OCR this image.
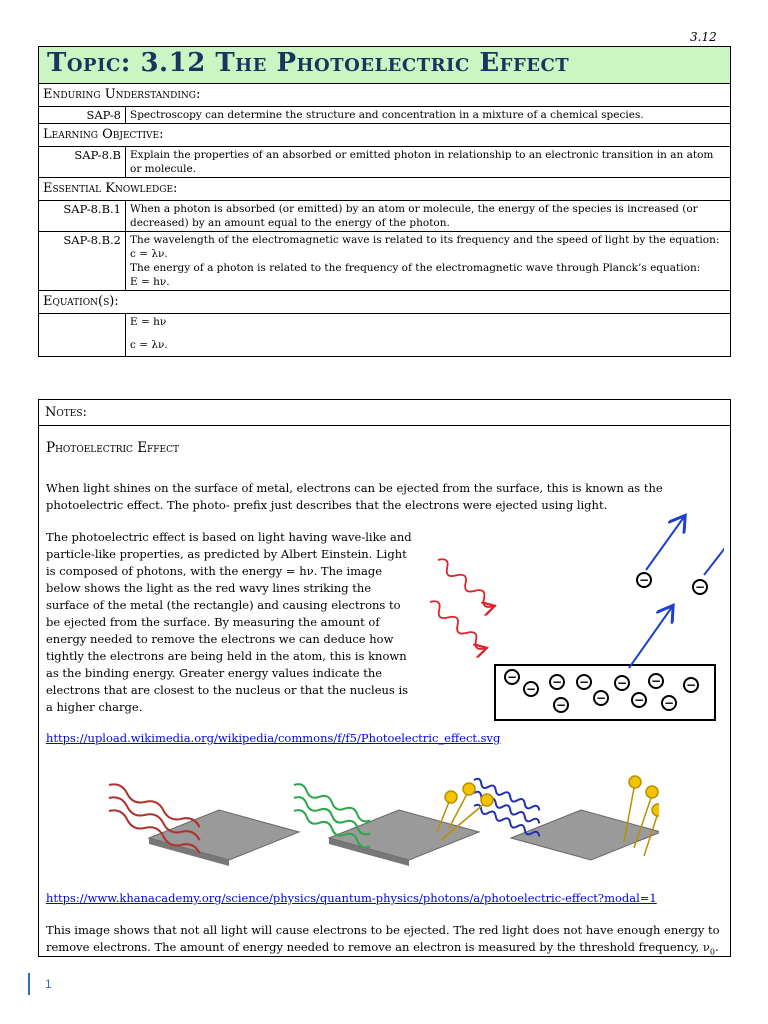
3.12
Topic: 3.12 The Photoelectric Effect	
Enduring Understanding:	
SAP-8	Spectroscopy can determine the structure and concentration in a mixture of a chemical species.
Learning Objective:	
SAP-8.B	Explain the properties of an absorbed or emitted photon in relationship to an electronic transition in an atom or molecule.
Essential Knowledge:	
SAP-8.B.1	When a photon is absorbed (or emitted) by an atom or molecule, the energy of the species is increased (or decreased) by an amount equal to the energy of the photon.
SAP-8.B.2	The wavelength of the electromagnetic wave is related to its frequency and the speed of light by the equation:
c = λν.
The energy of a photon is related to the frequency of the electromagnetic wave through Planck’s equation:
E = hν.

Equation(s):	

	E = hν
c = λν.
Notes:
Photoelectric Effect
When light shines on the surface of metal, electrons can be ejected from the surface, this is known as the photoelectric effect. The photo- prefix just describes that the electrons were ejected using light.
The photoelectric effect is based on light having wave-like and particle-like properties, as predicted by Albert Einstein. Light is composed of photons, with the energy = hν. The image below shows the light as the red wavy lines striking the surface of the metal (the rectangle) and causing electrons to be ejected from the surface. By measuring the amount of energy needed to remove the electrons we can deduce how tightly the electrons are being held in the atom, this is known as the binding energy. Greater energy values indicate the electrons that are closest to the nucleus or that the nucleus is a higher charge.
−
− − −
−
−
−
−
−
−
−
−	−
https://upload.wikimedia.org/wikipedia/commons/f/f5/Photoelectric_effect.svg
https://www.khanacademy.org/science/physics/quantum-physics/photons/a/photoelectric-effect?modal=1
This image shows that not all light will cause electrons to be ejected. The red light does not have enough energy to remove electrons. The amount of energy needed to remove an electron is measured by the threshold frequency, $\nu_0$.
1
